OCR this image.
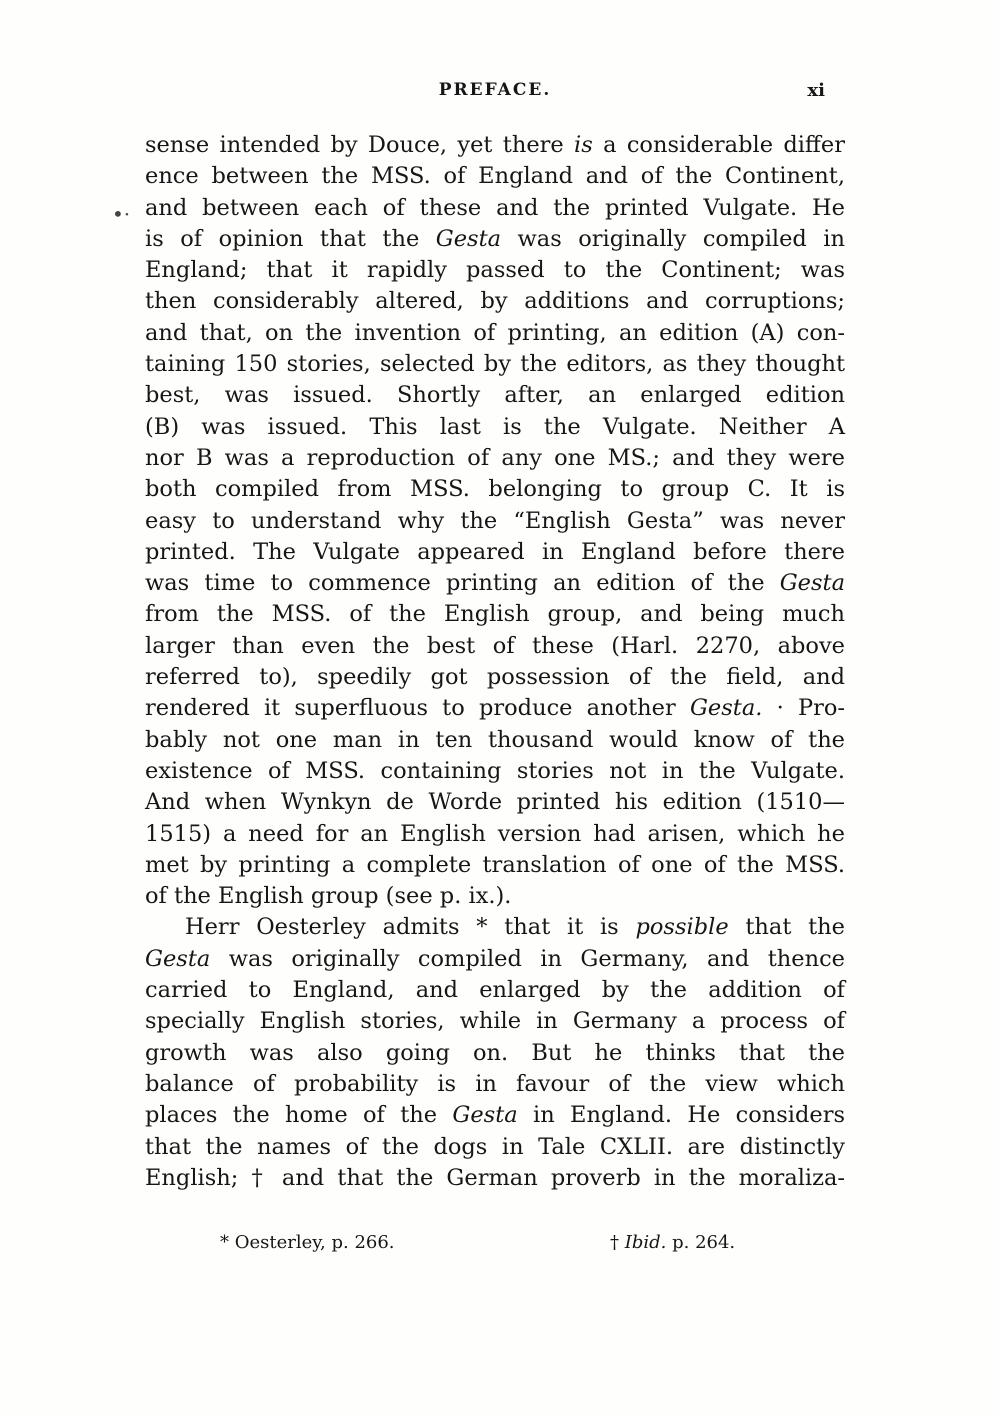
PREFACE.	xi
•·
sense intended by Douce, yet there is a considerable differ
ence between the MSS. of England and of the Continent,
and between each of these and the printed Vulgate. He
is of opinion that the Gesta was originally compiled in
England; that it rapidly passed to the Continent; was
then considerably altered, by additions and corruptions;
and that, on the invention of printing, an edition (A) con-
taining 150 stories, selected by the editors, as they thought
best, was issued. Shortly after, an enlarged edition
(B) was issued. This last is the Vulgate. Neither A
nor B was a reproduction of any one MS.; and they were
both compiled from MSS. belonging to group C. It is
easy to understand why the “English Gesta” was never
printed. The Vulgate appeared in England before there
was time to commence printing an edition of the Gesta
from the MSS. of the English group, and being much
larger than even the best of these (Harl. 2270, above
referred to), speedily got possession of the field, and
rendered it superfluous to produce another Gesta. · Pro-
bably not one man in ten thousand would know of the
existence of MSS. containing stories not in the Vulgate.
And when Wynkyn de Worde printed his edition (1510—
1515) a need for an English version had arisen, which he
met by printing a complete translation of one of the MSS.
of the English group (see p. ix.).
Herr Oesterley admits * that it is possible that the
Gesta was originally compiled in Germany, and thence
carried to England, and enlarged by the addition of
specially English stories, while in Germany a process of
growth was also going on. But he thinks that the
balance of probability is in favour of the view which
places the home of the Gesta in England. He considers
that the names of the dogs in Tale CXLII. are distinctly
English; † and that the German proverb in the moraliza-
* Oesterley, p. 266.	† Ibid. p. 264.
